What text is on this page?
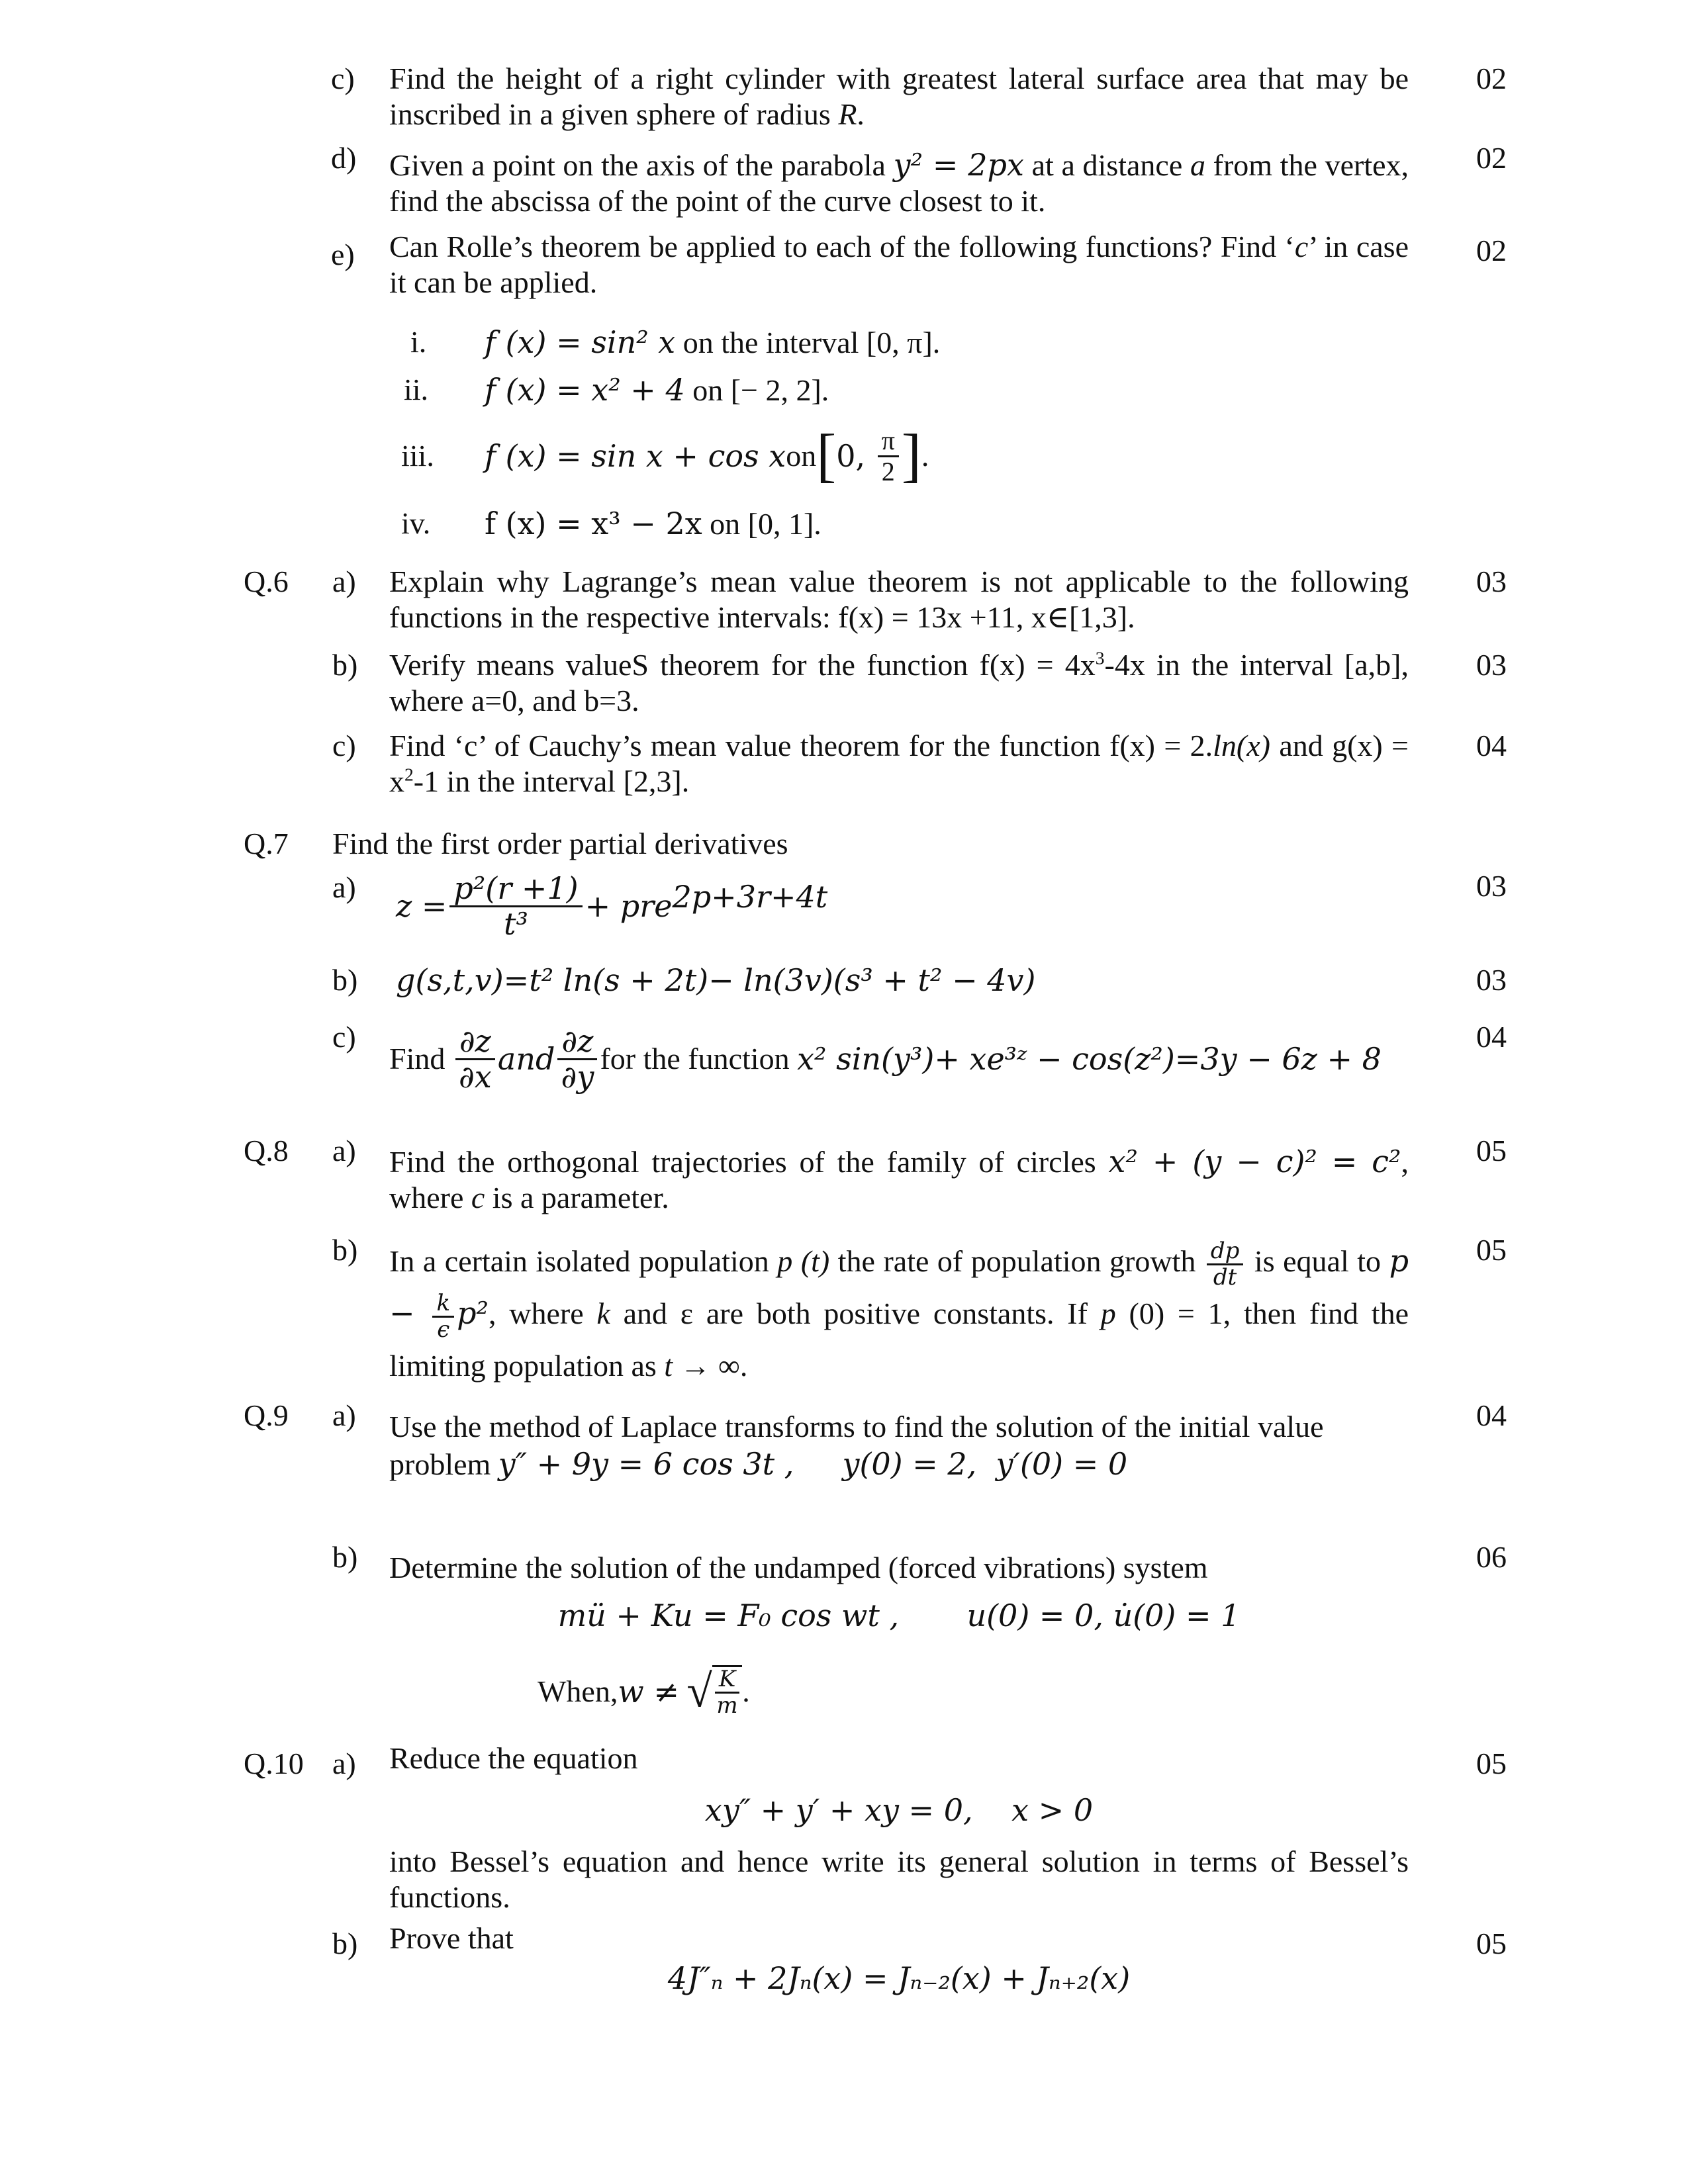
c) Find the height of a right cylinder with greatest lateral surface area that may be inscribed in a given sphere of radius R.
02
d) Given a point on the axis of the parabola y² = 2px at a distance a from the vertex, find the abscissa of the point of the curve closest to it.
02
e) Can Rolle’s theorem be applied to each of the following functions? Find ‘c’ in case it can be applied.
02
i. f (x) = sin² x on the interval [0, π].
ii. f (x) = x² + 4 on [− 2, 2].
iii. f (x) = sin x + cos x on [ 0, $\frac{\pi}{2}$ ] .
iv. f (x) = x³ − 2x on [0, 1].
Q.6 a) Explain why Lagrange’s mean value theorem is not applicable to the following functions in the respective intervals: f(x) = 13x +11, x∈[1,3].
03
b) Verify means valueS theorem for the function $f(x) = 4x^3-4x$ in the interval [a,b], where a=0, and b=3.
03
c) Find ‘c’ of Cauchy’s mean value theorem for the function f(x) = 2.ln(x) and $g(x) = x^2-1$ in the interval [2,3].
04
Q.7 Find the first order partial derivatives
a)
$z = \frac{\text{p²(r +1)}}{\text{t³}} + pre^{2p+3r+4t}$	03
b) g(s,t,v)=t² ln(s + 2t)− ln(3v)(s³ + t² − 4v)	03
c)
Find
$\frac{\partial z}{\partial x}$ and $\frac{\partial z}{\partial y}$ for the function
x² sin(y³)+ xe³ᶻ − cos(z²)=3y − 6z + 8
04
Q.8 a) Find the orthogonal trajectories of the family of circles x² + (y − c)² = c², where c is a parameter.
05
b) In a certain isolated population p (t) the rate of population growth $\frac{dp}{dt}$ is equal to $p - \frac{k}{\epsilon} p^2$, where k and ε are both positive constants. If p (0) = 1, then find the limiting population as t → ∞.
05
Q.9 a) Use the method of Laplace transforms to find the solution of the initial value problem y″ + 9y = 6 cos 3t ,     y(0) = 2,  y′(0) = 0
04
b) Determine the solution of the undamped (forced vibrations) system	06
mü + Ku = F₀ cos wt ,       u(0) = 0, u̇(0) = 1
When, w ≠
√ $\frac{K}{m}$ .
Q.10 a) Reduce the equation	05
xy″ + y′ + xy = 0,    x > 0
into Bessel’s equation and hence write its general solution in terms of Bessel’s functions.
b) Prove that	05
4J″ₙ + 2Jₙ(x) = Jₙ₋₂(x) + Jₙ₊₂(x)
